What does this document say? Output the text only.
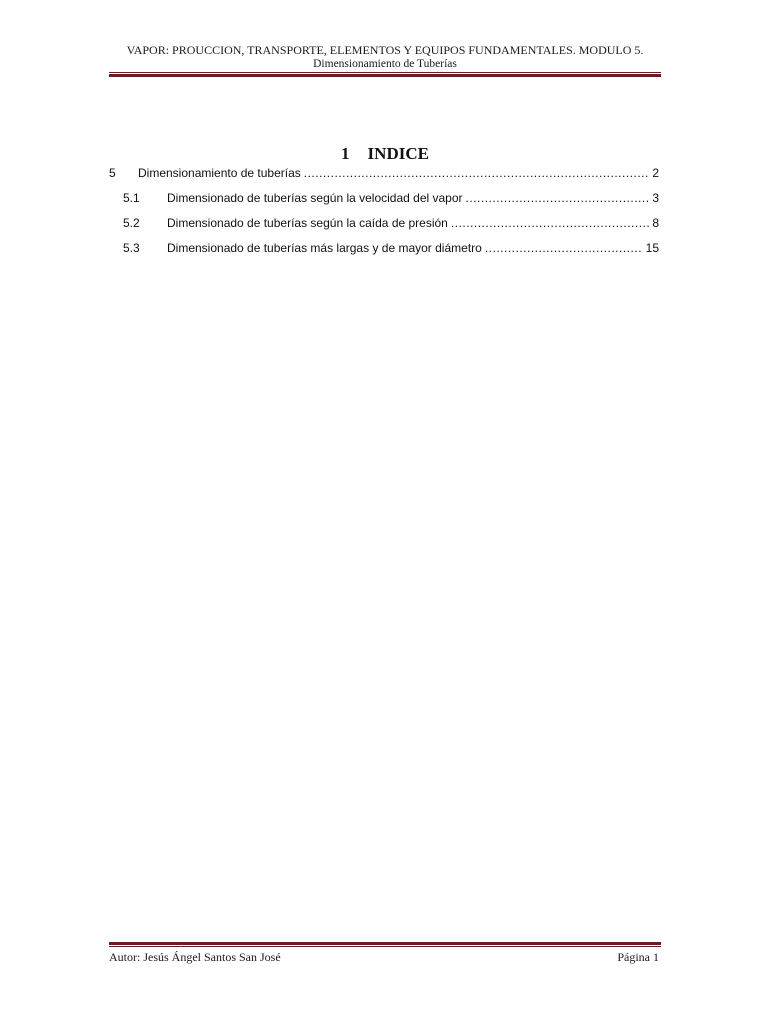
VAPOR: PROUCCION, TRANSPORTE, ELEMENTOS Y EQUIPOS FUNDAMENTALES. MODULO 5.
Dimensionamiento de Tuberías
1 INDICE
5	Dimensionamiento de tuberías .....	2
5.1	Dimensionado de tuberías según la velocidad del vapor .....	3
5.2	Dimensionado de tuberías según la caída de presión .....	8
5.3	Dimensionado de tuberías más largas y de mayor diámetro .....	15
Autor: Jesús Ángel Santos San José	Página 1
